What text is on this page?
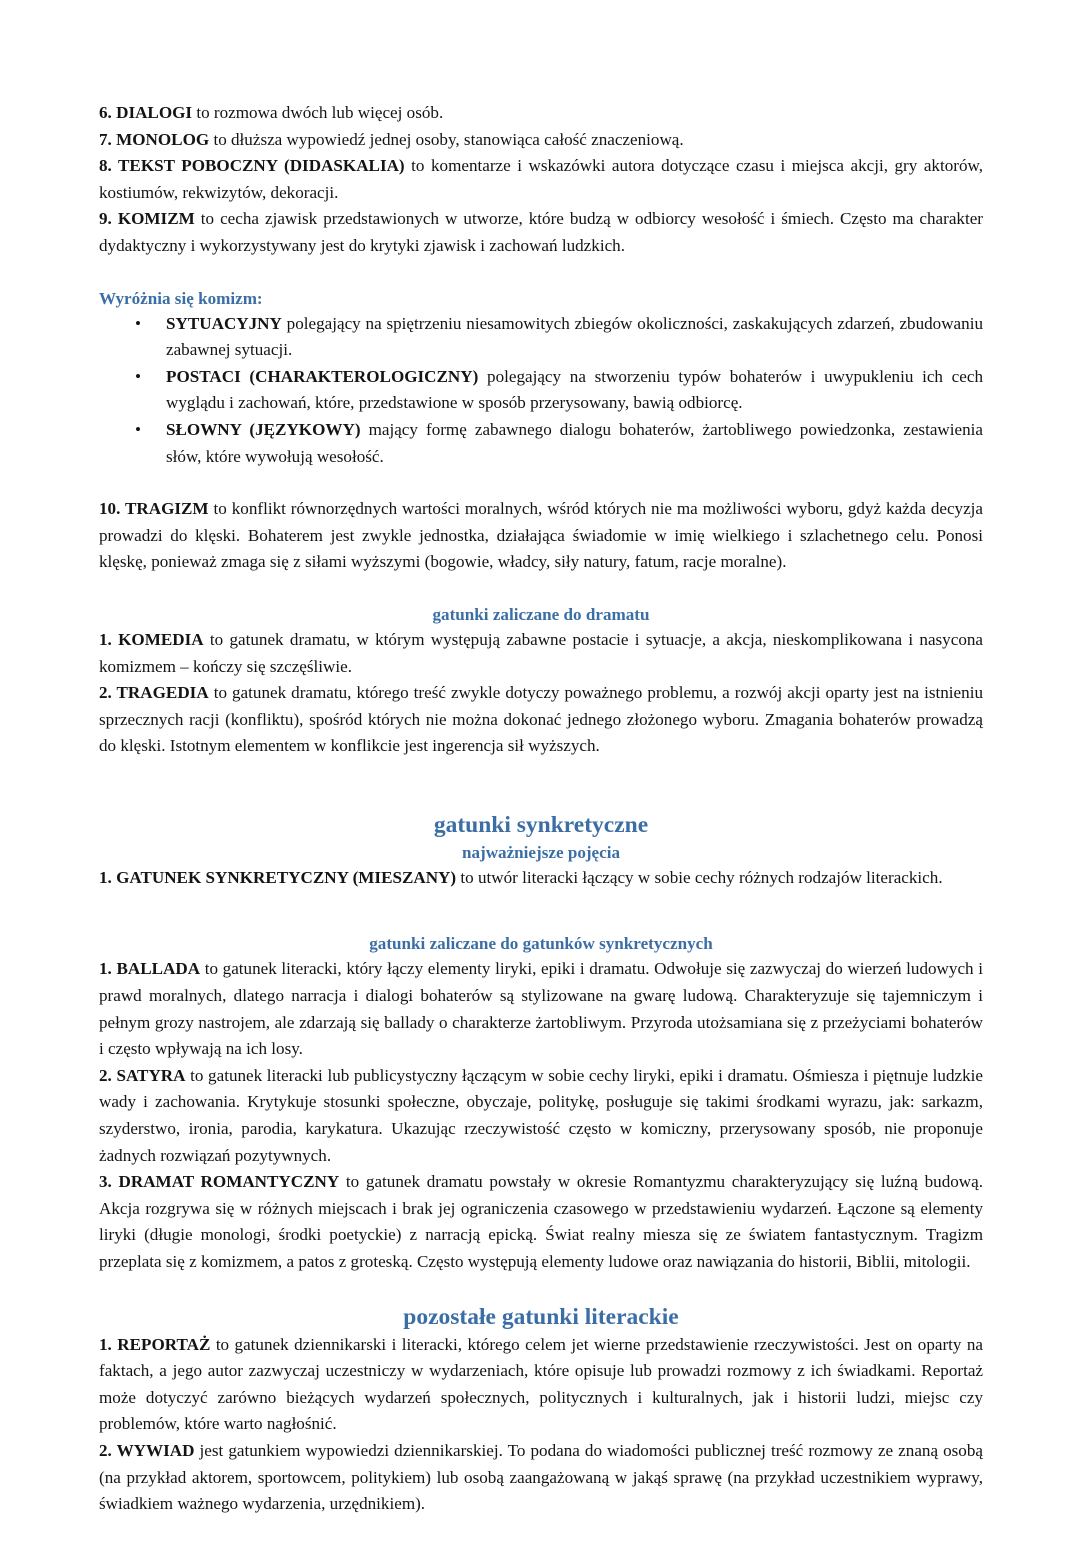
6. DIALOGI to rozmowa dwóch lub więcej osób.

7. MONOLOG to dłuższa wypowiedź jednej osoby, stanowiąca całość znaczeniową.

8. TEKST POBOCZNY (DIDASKALIA) to komentarze i wskazówki autora dotyczące czasu i miejsca akcji, gry aktorów, kostiumów, rekwizytów, dekoracji.

9. KOMIZM to cecha zjawisk przedstawionych w utworze, które budzą w odbiorcy wesołość i śmiech. Często ma charakter dydaktyczny i wykorzystywany jest do krytyki zjawisk i zachowań ludzkich.

Wyróżnia się komizm:

• SYTUACYJNY polegający na spiętrzeniu niesamowitych zbiegów okoliczności, zaskakujących zdarzeń, zbudowaniu zabawnej sytuacji.
• POSTACI (CHARAKTEROLOGICZNY) polegający na stworzeniu typów bohaterów i uwypukleniu ich cech wyglądu i zachowań, które, przedstawione w sposób przerysowany, bawią odbiorcę.
• SŁOWNY (JĘZYKOWY) mający formę zabawnego dialogu bohaterów, żartobliwego powiedzonka, zestawienia słów, które wywołują wesołość.

10. TRAGIZM to konflikt równorzędnych wartości moralnych, wśród których nie ma możliwości wyboru, gdyż każda decyzja prowadzi do klęski. Bohaterem jest zwykle jednostka, działająca świadomie w imię wielkiego i szlachetnego celu. Ponosi klęskę, ponieważ zmaga się z siłami wyższymi (bogowie, władcy, siły natury, fatum, racje moralne).

gatunki zaliczane do dramatu

1. KOMEDIA to gatunek dramatu, w którym występują zabawne postacie i sytuacje, a akcja, nieskomplikowana i nasycona komizmem – kończy się szczęśliwie.

2. TRAGEDIA to gatunek dramatu, którego treść zwykle dotyczy poważnego problemu, a rozwój akcji oparty jest na istnieniu sprzecznych racji (konfliktu), spośród których nie można dokonać jednego złożonego wyboru. Zmagania bohaterów prowadzą do klęski. Istotnym elementem w konflikcie jest ingerencja sił wyższych.

gatunki synkretyczne

najważniejsze pojęcia

1. GATUNEK SYNKRETYCZNY (MIESZANY) to utwór literacki łączący w sobie cechy różnych rodzajów literackich.

gatunki zaliczane do gatunków synkretycznych

1. BALLADA to gatunek literacki, który łączy elementy liryki, epiki i dramatu. Odwołuje się zazwyczaj do wierzeń ludowych i prawd moralnych, dlatego narracja i dialogi bohaterów są stylizowane na gwarę ludową. Charakteryzuje się tajemniczym i pełnym grozy nastrojem, ale zdarzają się ballady o charakterze żartobliwym. Przyroda utożsamiana się z przeżyciami bohaterów i często wpływają na ich losy.

2. SATYRA to gatunek literacki lub publicystyczny łączącym w sobie cechy liryki, epiki i dramatu. Ośmiesza i piętnuje ludzkie wady i zachowania. Krytykuje stosunki społeczne, obyczaje, politykę, posługuje się takimi środkami wyrazu, jak: sarkazm, szyderstwo, ironia, parodia, karykatura. Ukazując rzeczywistość często w komiczny, przerysowany sposób, nie proponuje żadnych rozwiązań pozytywnych.

3. DRAMAT ROMANTYCZNY to gatunek dramatu powstały w okresie Romantyzmu charakteryzujący się luźną budową. Akcja rozgrywa się w różnych miejscach i brak jej ograniczenia czasowego w przedstawieniu wydarzeń. Łączone są elementy liryki (długie monologi, środki poetyckie) z narracją epicką. Świat realny miesza się ze światem fantastycznym. Tragizm przeplata się z komizmem, a patos z groteską. Często występują elementy ludowe oraz nawiązania do historii, Biblii, mitologii.

pozostałe gatunki literackie

1. REPORTAŻ to gatunek dziennikarski i literacki, którego celem jet wierne przedstawienie rzeczywistości. Jest on oparty na faktach, a jego autor zazwyczaj uczestniczy w wydarzeniach, które opisuje lub prowadzi rozmowy z ich świadkami. Reportaż może dotyczyć zarówno bieżących wydarzeń społecznych, politycznych i kulturalnych, jak i historii ludzi, miejsc czy problemów, które warto nagłośnić.

2. WYWIAD jest gatunkiem wypowiedzi dziennikarskiej. To podana do wiadomości publicznej treść rozmowy ze znaną osobą (na przykład aktorem, sportowcem, politykiem) lub osobą zaangażowaną w jakąś sprawę (na przykład uczestnikiem wyprawy, świadkiem ważnego wydarzenia, urzędnikiem).
